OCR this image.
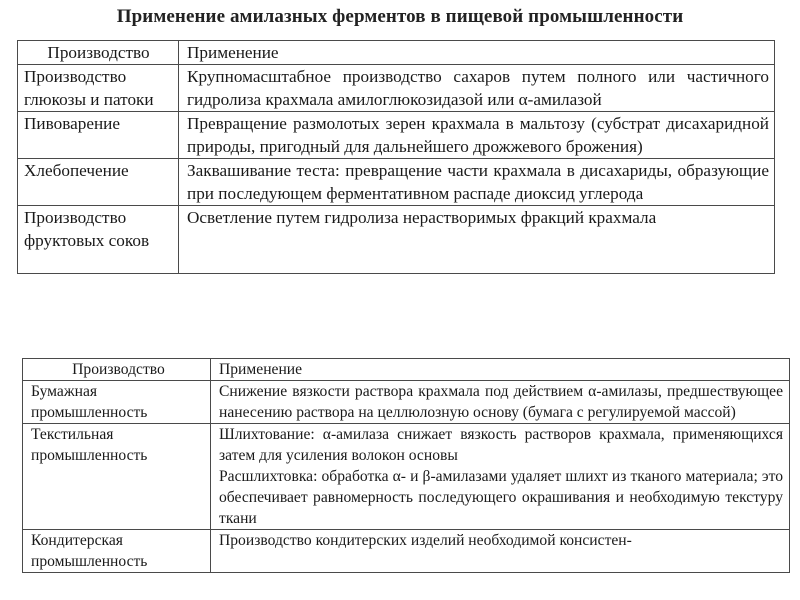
Применение амилазных ферментов в пищевой промышленности
Производство	Применение

Производство глюкозы и патоки	Крупномасштабное производство сахаров путем полного или частичного гидролиза крахмала амилоглюкозидазой или α-амилазой
Пивоварение	Превращение размолотых зерен крахмала в мальтозу (субстрат дисахаридной природы, пригодный для дальнейшего дрожжевого брожения)
Хлебопечение	Заквашивание теста: превращение части крахмала в дисахариды, образующие при последующем ферментативном распаде диоксид углерода
Производство фруктовых соков	Осветление путем гидролиза нерастворимых фракций крахмала
Производство	Применение
Бумажная промышленность	Снижение вязкости раствора крахмала под действием α-амилазы, предшествующее нанесению раствора на целлюлозную основу (бумага с регулируемой массой)
Текстильная промышленность	Шлихтование: α-амилаза снижает вязкость растворов крахмала, применяющихся затем для усиления волокон основы
Расшлихтовка: обработка α- и β-амилазами удаляет шлихт из тканого материала; это обеспечивает равномерность последующего окрашивания и необходимую текстуру ткани

Кондитерская промышленность	Производство кондитерских изделий необходимой консистен-
